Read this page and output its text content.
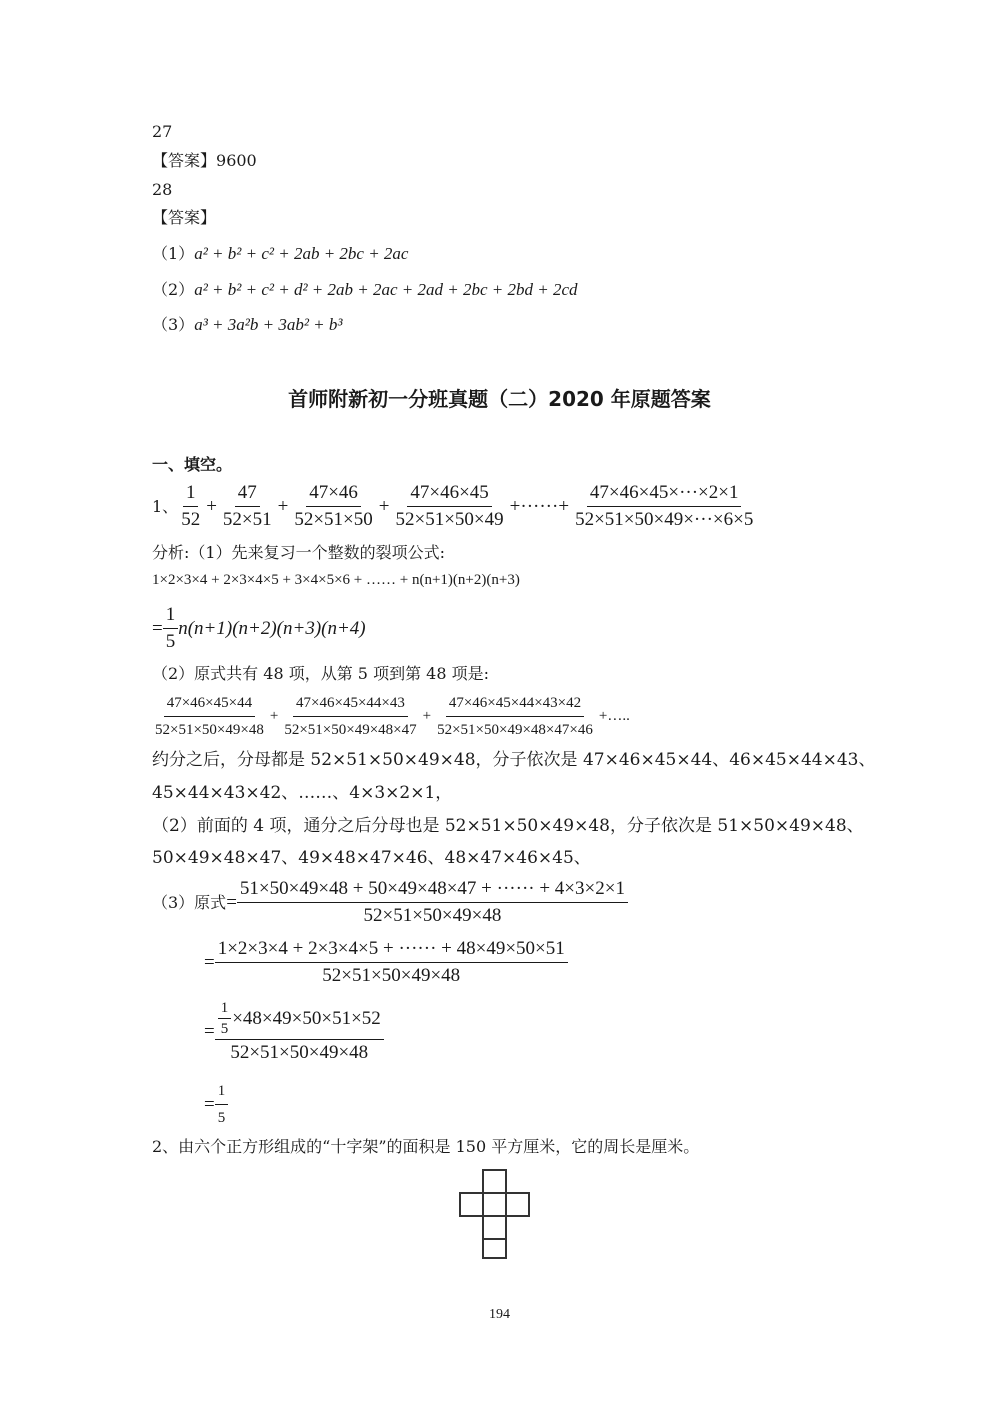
27
【答案】9600
28
【答案】
（1）a² + b² + c² + 2ab + 2bc + 2ac
（2）a² + b² + c² + d² + 2ab + 2ac + 2ad + 2bc + 2bd + 2cd
（3）a³ + 3a²b + 3ab² + b³
首师附新初一分班真题（二）2020 年原题答案
一、填空。
1、 $\frac{1}{52} + \frac{47}{52\times 51} + \frac{47\times 46}{52\times 51\times 50} + \frac{47\times 46\times 45}{52\times 51\times 50\times 49}$ +······+ $\frac{47\times 46\times 45\times\cdot\cdot\cdot\times 2\times 1}{52\times 51\times 50\times 49\times\cdot\cdot\cdot\times 6\times 5}$
分析:（1）先来复习一个整数的裂项公式:
1×2×3×4 + 2×3×4×5 + 3×4×5×6 + …… + n(n+1)(n+2)(n+3)
= $\frac{1}{5} n(n+1)(n+2)(n+3)(n+4)$
（2）原式共有 48 项，从第 5 项到第 48 项是:
$\frac{47\times 46\times 45\times 44}{52\times 51\times 50\times 49\times 48} + \frac{47\times 46\times 45\times 44\times 43}{52\times 51\times 50\times 49\times 48\times 47} + \frac{47\times 46\times 45\times 44\times 43\times 42}{52\times 51\times 50\times 49\times 48\times 47\times 46}$ +…..
约分之后，分母都是 52×51×50×49×48，分子依次是 47×46×45×44、46×45×44×43、
45×44×43×42、……、4×3×2×1，
（2）前面的 4 项，通分之后分母也是 52×51×50×49×48，分子依次是 51×50×49×48、
50×49×48×47、49×48×47×46、48×47×46×45、
（3）原式 = $\frac{51\times 50\times 49\times 48 + 50\times 49\times 48\times 47 + \cdot\cdot\cdot\cdot\cdot\cdot + 4\times 3\times 2\times 1}{52\times 51\times 50\times 49\times 48}$
= $\frac{1\times 2\times 3\times 4 + 2\times 3\times 4\times 5 + \cdot\cdot\cdot\cdot\cdot\cdot + 48\times 49\times 50\times 51}{52\times 51\times 50\times 49\times 48}$
= $\frac{\frac{1}{5} \times 48\times 49\times 50\times 51\times 52}{52\times 51\times 50\times 49\times 48}$
= $\frac{1}{5}$
2、由六个正方形组成的“十字架”的面积是 150 平方厘米，它的周长是厘米。
194
